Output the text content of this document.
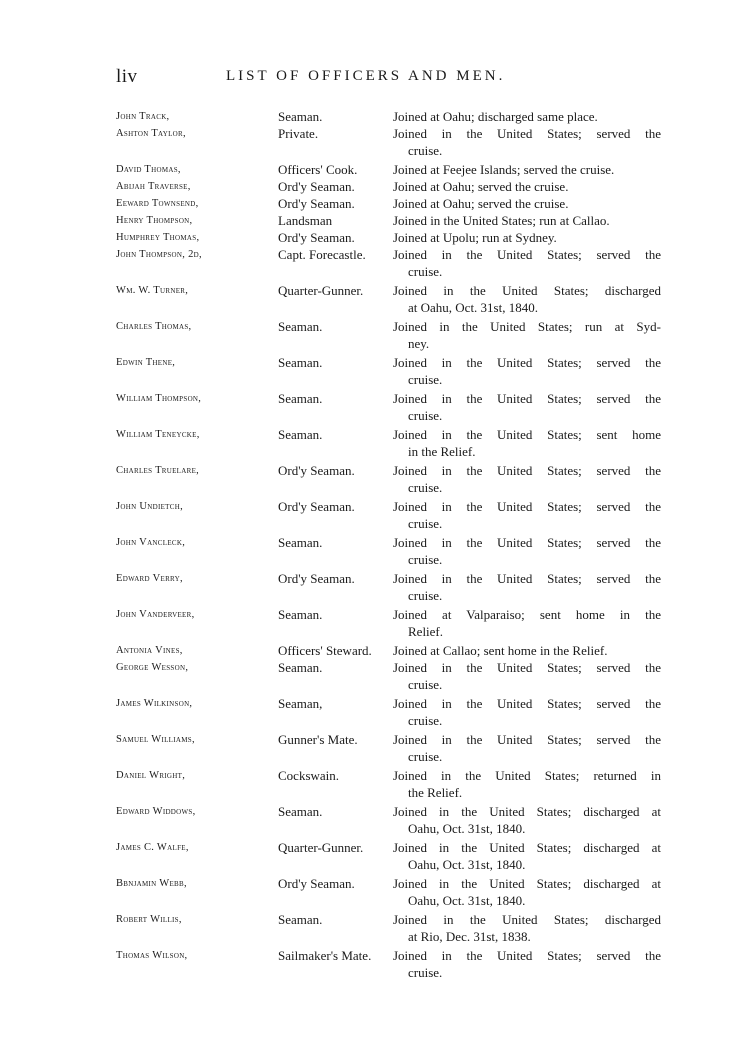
liv	LIST OF OFFICERS AND MEN.
John Track,	Seaman.	Joined at Oahu; discharged same place.
Ashton Taylor,	Private.	Joined in the United States; served the
cruise.
David Thomas,	Officers' Cook.	Joined at Feejee Islands; served the cruise.
Abijah Traverse,	Ord'y Seaman.	Joined at Oahu; served the cruise.
Eeward Townsend,	Ord'y Seaman.	Joined at Oahu; served the cruise.
Henry Thompson,	Landsman	Joined in the United States; run at Callao.
Humphrey Thomas,	Ord'y Seaman.	Joined at Upolu; run at Sydney.
John Thompson, 2d,	Capt. Forecastle.	Joined in the United States; served the
cruise.
Wm. W. Turner,	Quarter-Gunner.	Joined in the United States; discharged
at Oahu, Oct. 31st, 1840.
Charles Thomas,	Seaman.	Joined in the United States; run at Syd-
ney.
Edwin Thene,	Seaman.	Joined in the United States; served the
cruise.
William Thompson,	Seaman.	Joined in the United States; served the
cruise.
William Teneycke,	Seaman.	Joined in the United States; sent home
in the Relief.
Charles Truelare,	Ord'y Seaman.	Joined in the United States; served the
cruise.
John Undietch,	Ord'y Seaman.	Joined in the United States; served the
cruise.
John Vancleck,	Seaman.	Joined in the United States; served the
cruise.
Edward Verry,	Ord'y Seaman.	Joined in the United States; served the
cruise.
John Vanderveer,	Seaman.	Joined at Valparaiso; sent home in the
Relief.
Antonia Vines,	Officers' Steward.	Joined at Callao; sent home in the Relief.
George Wesson,	Seaman.	Joined in the United States; served the
cruise.
James Wilkinson,	Seaman,	Joined in the United States; served the
cruise.
Samuel Williams,	Gunner's Mate.	Joined in the United States; served the
cruise.
Daniel Wright,	Cockswain.	Joined in the United States; returned in
the Relief.
Edward Widdows,	Seaman.	Joined in the United States; discharged at
Oahu, Oct. 31st, 1840.
James C. Walfe,	Quarter-Gunner.	Joined in the United States; discharged at
Oahu, Oct. 31st, 1840.
Bbnjamin Webb,	Ord'y Seaman.	Joined in the United States; discharged at
Oahu, Oct. 31st, 1840.
Robert Willis,	Seaman.	Joined in the United States; discharged
at Rio, Dec. 31st, 1838.
Thomas Wilson,	Sailmaker's Mate.	Joined in the United States; served the
cruise.
